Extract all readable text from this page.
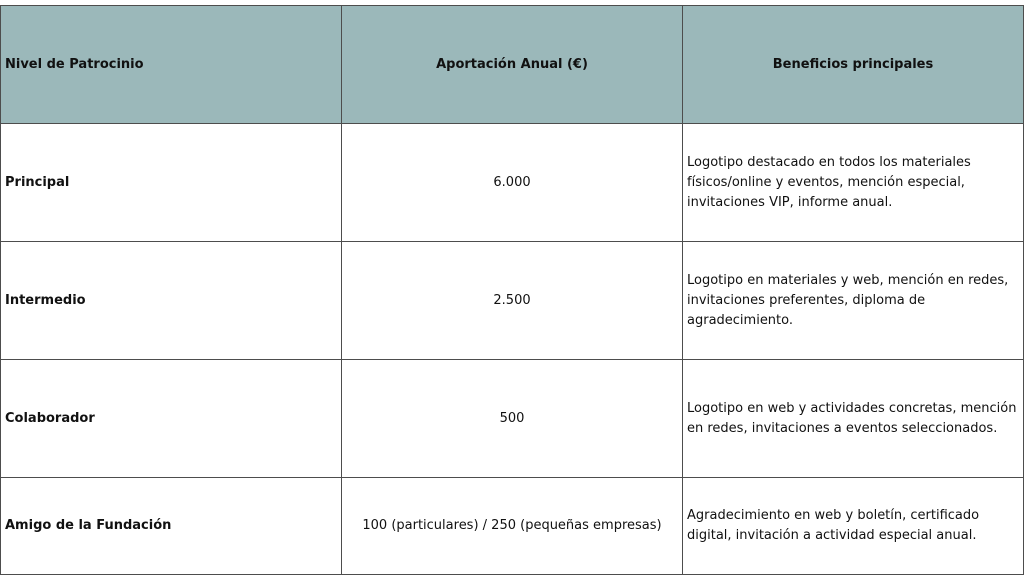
Nivel de Patrocinio	Aportación Anual (€)	Beneficios principales
Principal	6.000	Logotipo destacado en todos los materiales físicos/online y eventos, mención especial, invitaciones VIP, informe anual.
Intermedio	2.500	Logotipo en materiales y web, mención en redes, invitaciones preferentes, diploma de agradecimiento.
Colaborador	500	Logotipo en web y actividades concretas, mención en redes, invitaciones a eventos seleccionados.
Amigo de la Fundación	100 (particulares) / 250 (pequeñas empresas)	Agradecimiento en web y boletín, certificado digital, invitación a actividad especial anual.
